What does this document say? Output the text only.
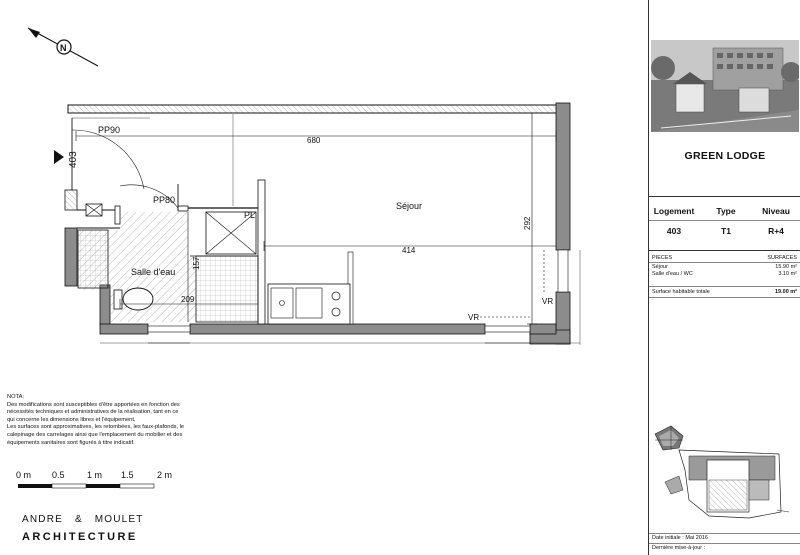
N
PP90
PP80
PL
Séjour
Salle d'eau
680
414
209
VR
VR
292
157
403
0 m 0.5 1 m 1.5	2 m
NOTA:
Des modifications sont susceptibles d'être apportées en fonction des
nécessités techniques et administratives de la réalisation, tant en ce
qui concerne les dimensions libres et l'équipement.
Les surfaces sont approximatives, les retombées, les faux-plafonds, le
calepinage des carrelages ainsi que l'emplacement du mobilier et des
équipements sanitaires sont figurés à titre indicatif.
ANDRE   &   MOULET
ARCHITECTURE
GREEN LODGE
Logement	Type	Niveau
403	T1	R+4
PIECES	SURFACES
Séjour	15.90 m²
Salle d'eau / WC	3.10 m²
Surface habitable totale	19.00 m²
Date initiale : Mai 2016
Dernière mise-à-jour :
